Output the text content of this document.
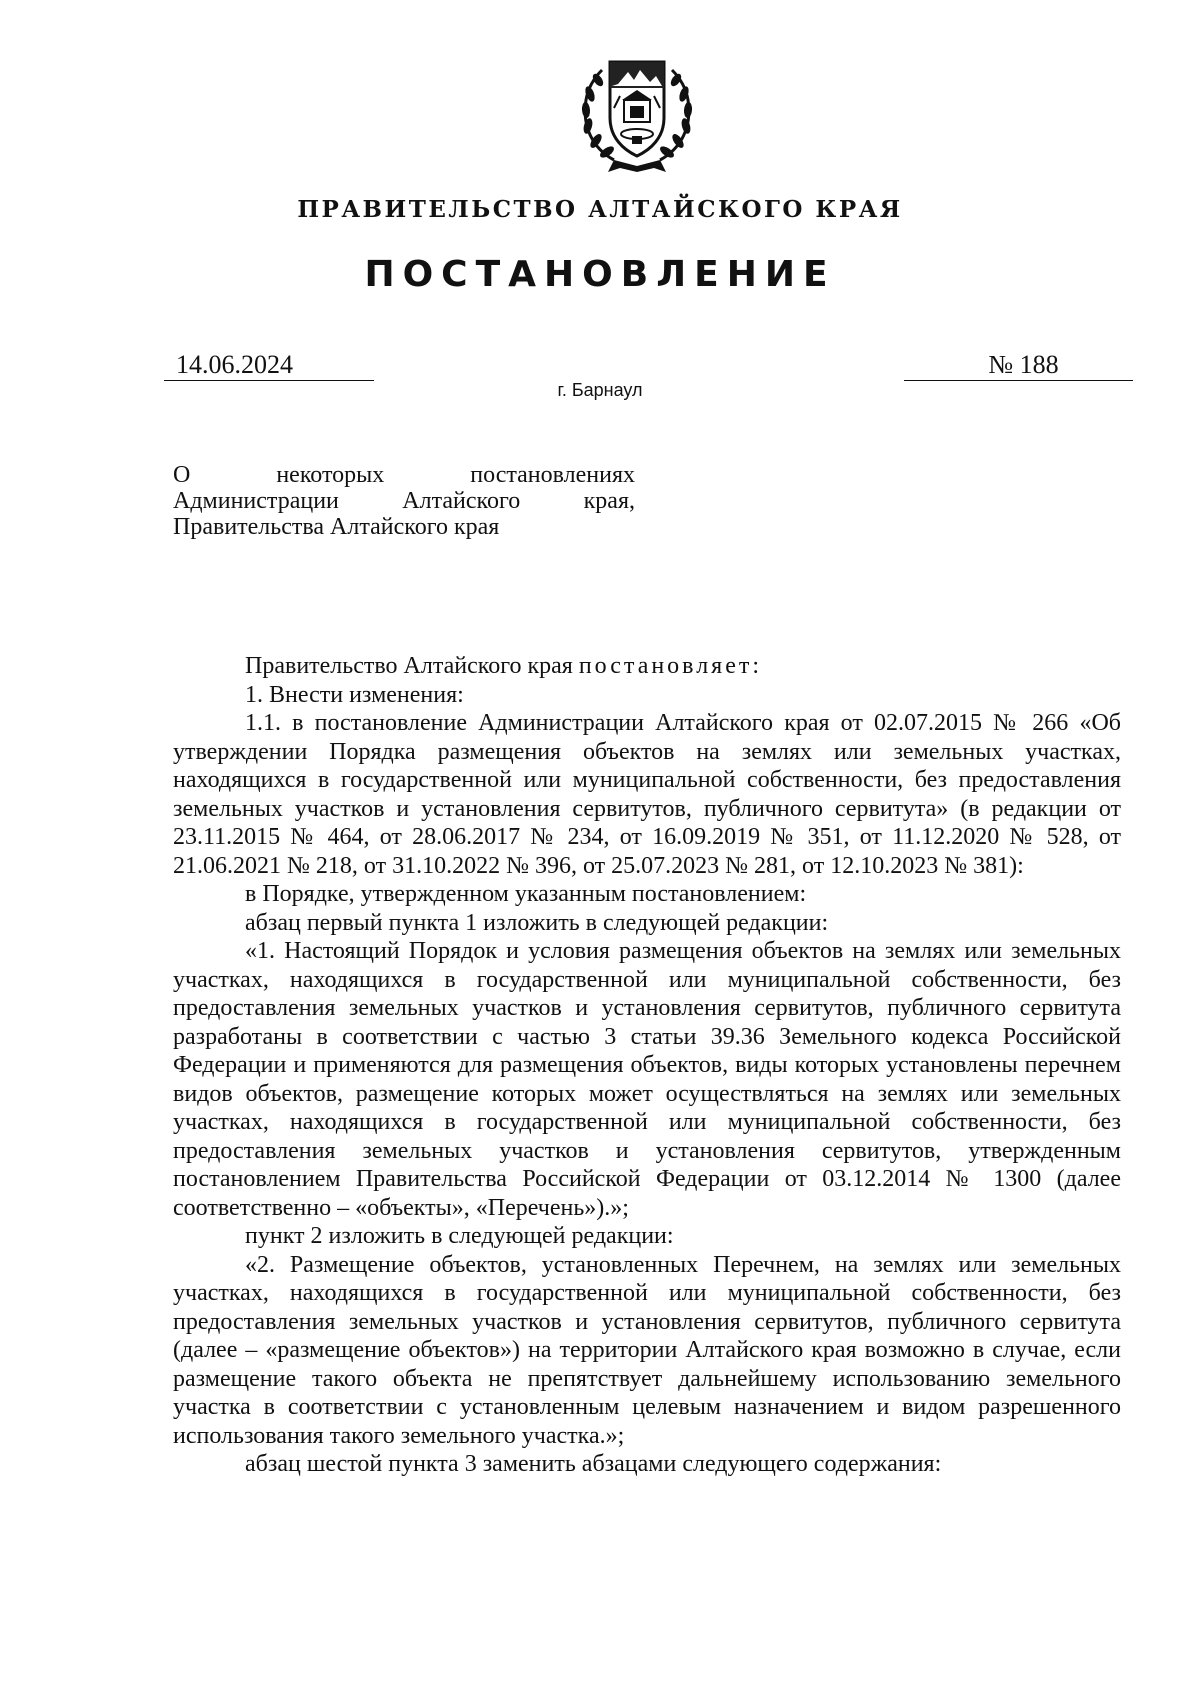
ПРАВИТЕЛЬСТВО АЛТАЙСКОГО КРАЯ
ПОСТАНОВЛЕНИЕ
14.06.2024	№ 188
г. Барнаул
О некоторых постановлениях
Администрации Алтайского края,
Правительства Алтайского края
Правительство Алтайского края постановляет:
1. Внести изменения:
1.1. в постановление Администрации Алтайского края от 02.07.2015 № 266 «Об утверждении Порядка размещения объектов на землях или земельных участках, находящихся в государственной или муниципальной собственности, без предоставления земельных участков и установления сервитутов, публичного сервитута» (в редакции от 23.11.2015 № 464, от 28.06.2017 № 234, от 16.09.2019 № 351, от 11.12.2020 № 528, от 21.06.2021 № 218, от 31.10.2022 № 396, от 25.07.2023 № 281, от 12.10.2023 № 381):
в Порядке, утвержденном указанным постановлением:
абзац первый пункта 1 изложить в следующей редакции:
«1. Настоящий Порядок и условия размещения объектов на землях или земельных участках, находящихся в государственной или муниципальной собственности, без предоставления земельных участков и установления сервитутов, публичного сервитута разработаны в соответствии с частью 3 статьи 39.36 Земельного кодекса Российской Федерации и применяются для размещения объектов, виды которых установлены перечнем видов объектов, размещение которых может осуществляться на землях или земельных участках, находящихся в государственной или муниципальной собственности, без предоставления земельных участков и установления сервитутов, утвержденным постановлением Правительства Российской Федерации от 03.12.2014 № 1300 (далее соответственно – «объекты», «Перечень»).»;
пункт 2 изложить в следующей редакции:
«2. Размещение объектов, установленных Перечнем, на землях или земельных участках, находящихся в государственной или муниципальной собственности, без предоставления земельных участков и установления сервитутов, публичного сервитута (далее – «размещение объектов») на территории Алтайского края возможно в случае, если размещение такого объекта не препятствует дальнейшему использованию земельного участка в соответствии с установленным целевым назначением и видом разрешенного использования такого земельного участка.»;
абзац шестой пункта 3 заменить абзацами следующего содержания:
